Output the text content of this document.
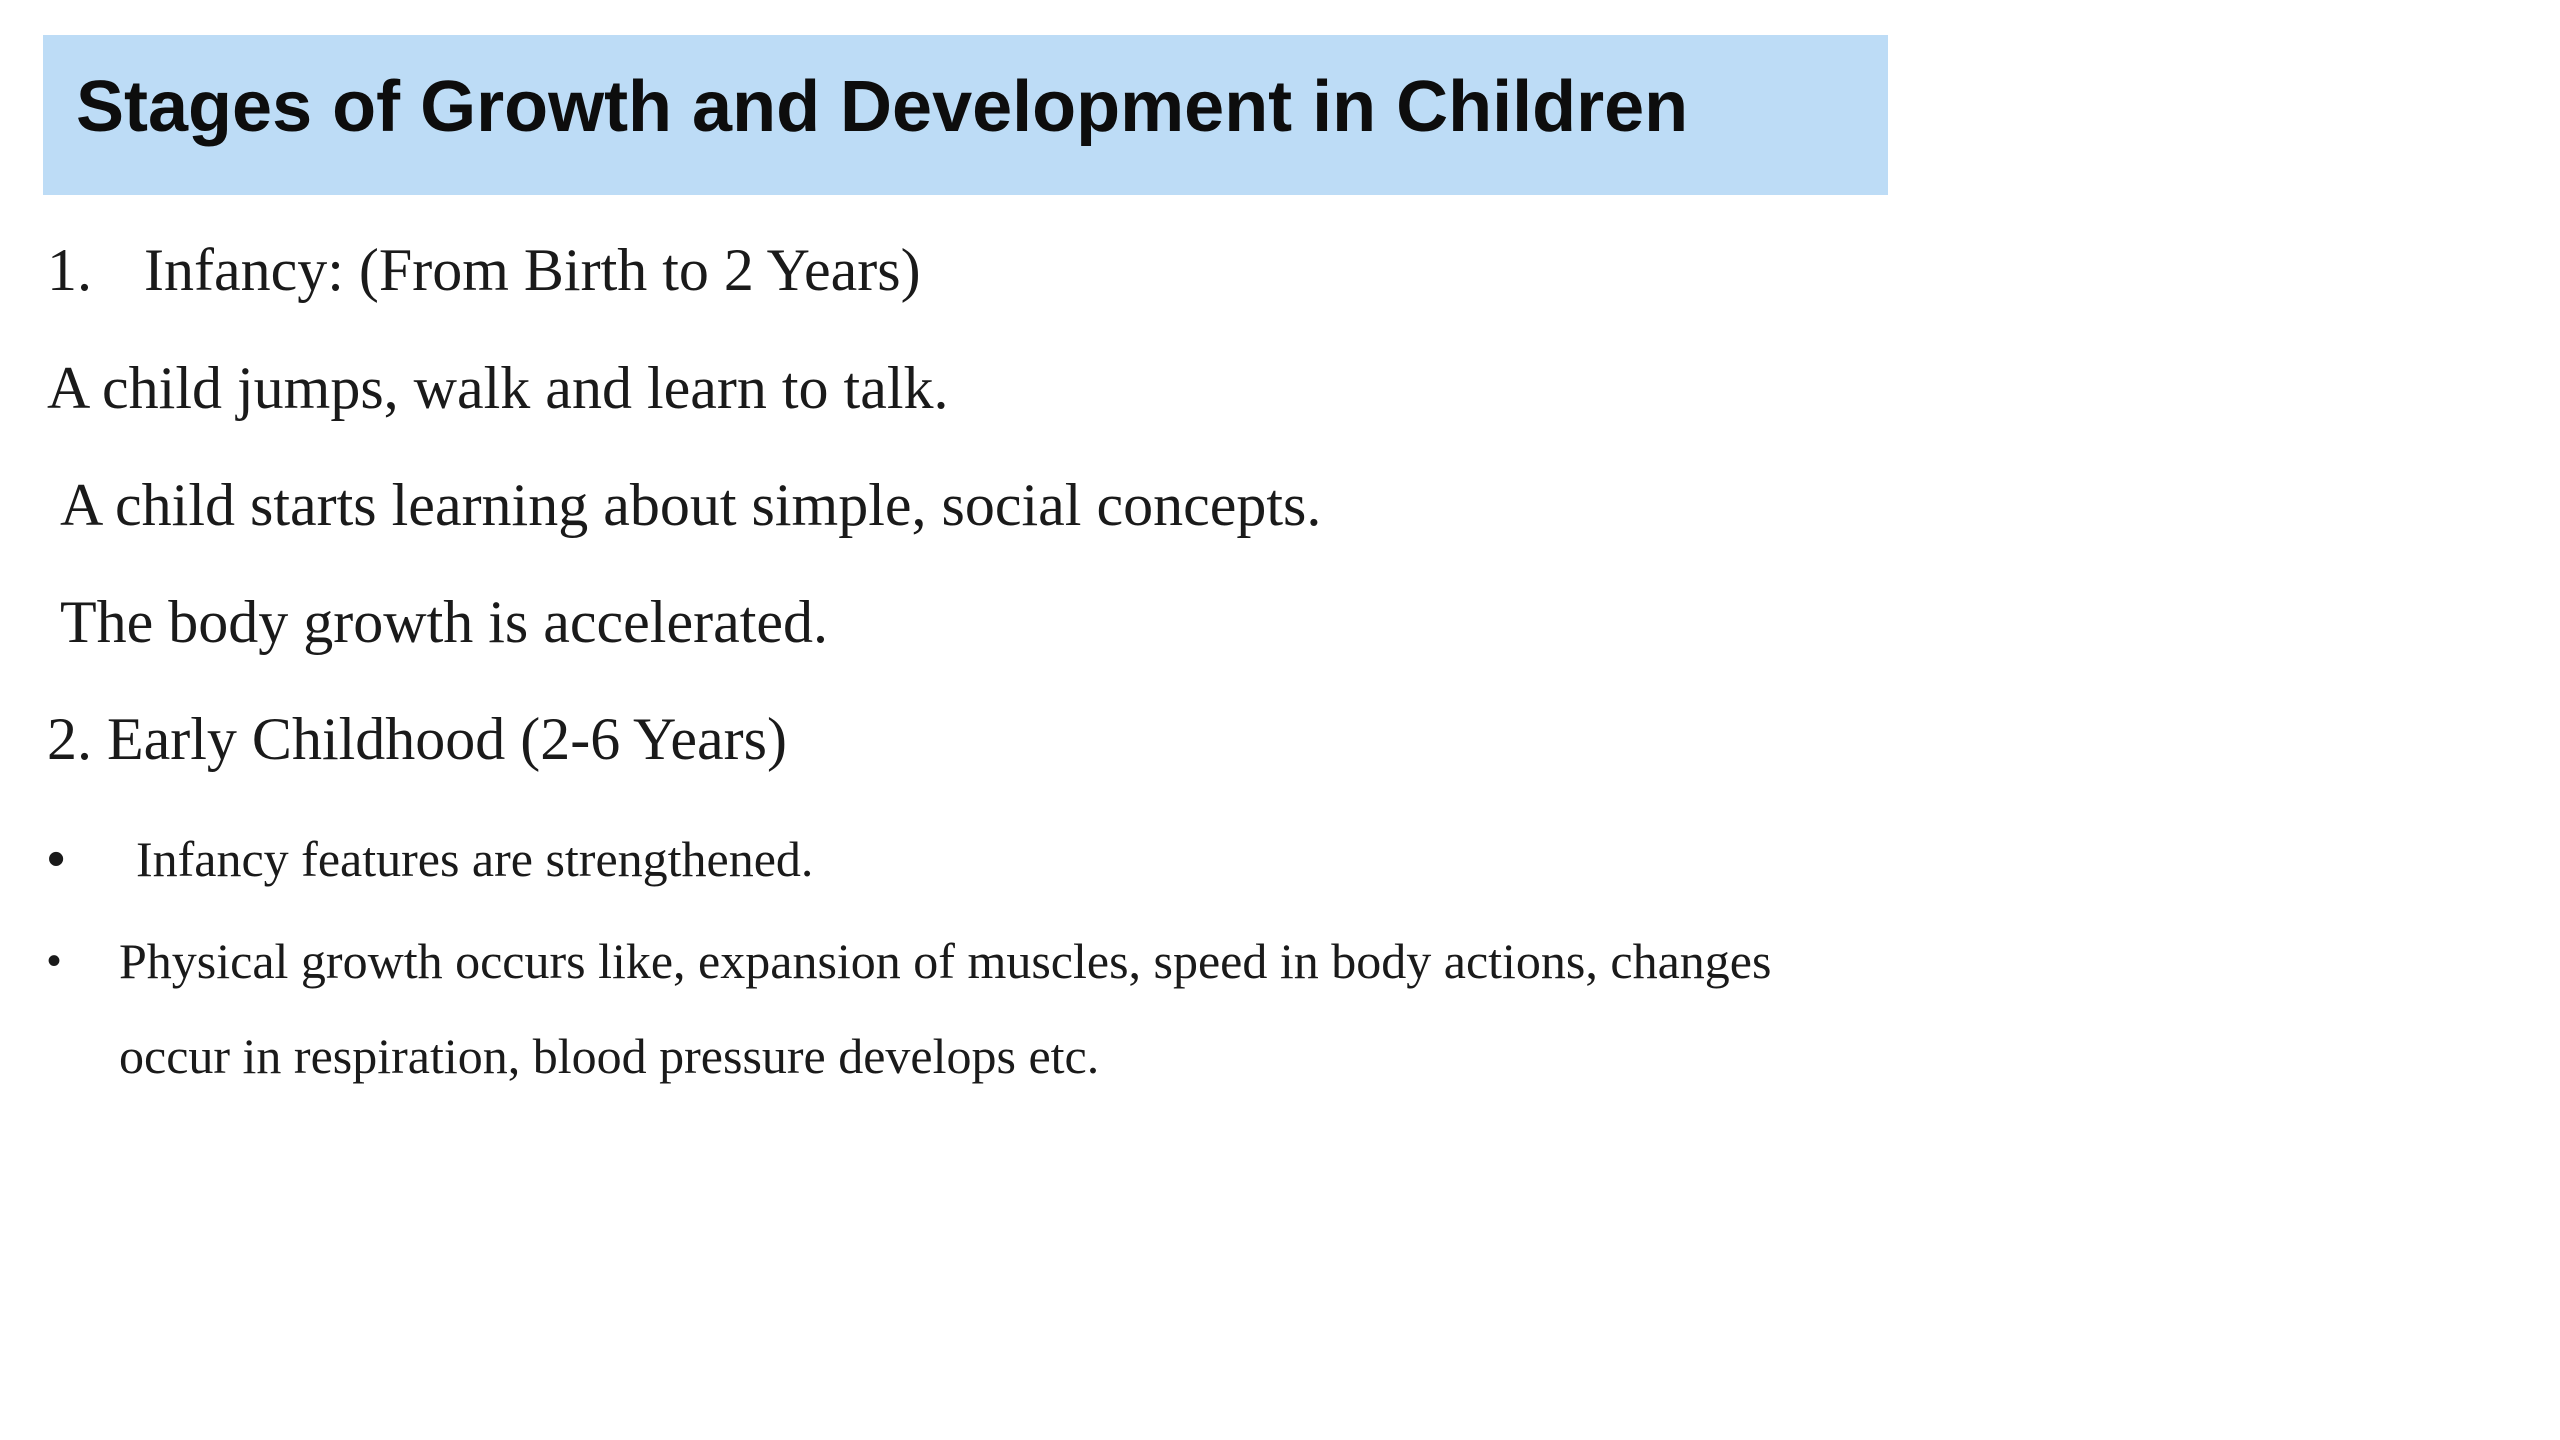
Stages of Growth and Development in Children
1. Infancy: (From Birth to 2 Years)

A child jumps, walk and learn to talk.

A child starts learning about simple, social concepts.

The body growth is accelerated.

2. Early Childhood (2-6 Years)

• Infancy features are strengthened.
• Physical growth occurs like, expansion of muscles, speed in body actions, changes

occur in respiration, blood pressure develops etc.
